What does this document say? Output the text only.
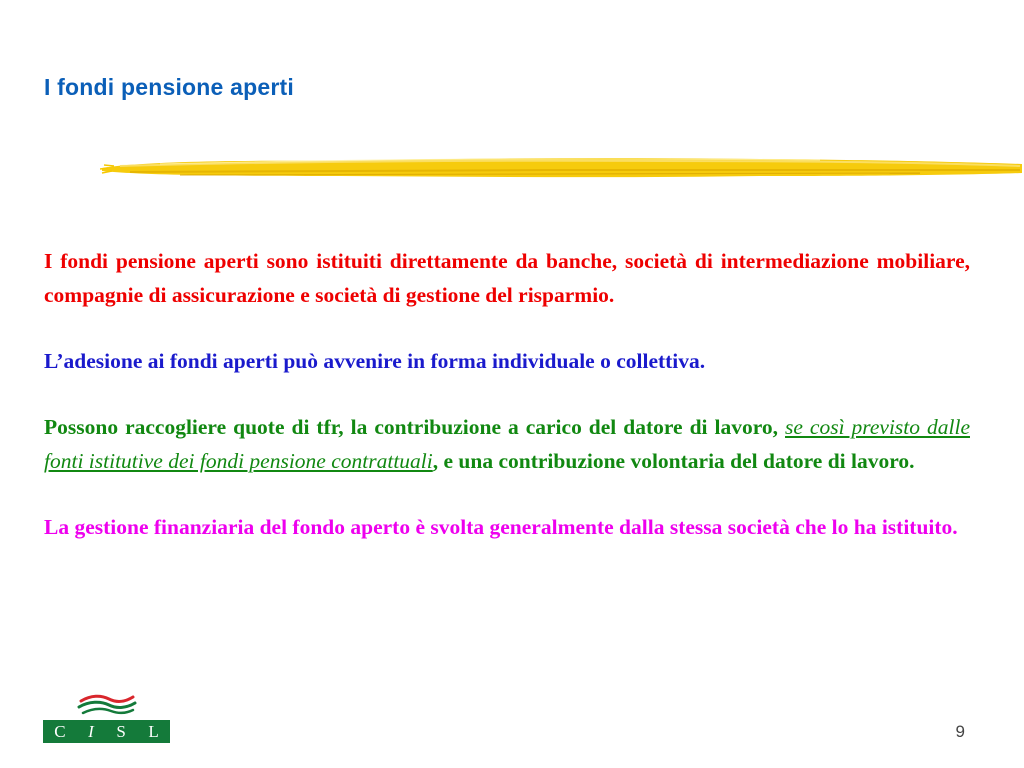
I fondi pensione aperti

I fondi pensione aperti sono istituiti direttamente da banche, società di intermediazione mobiliare, compagnie di assicurazione e società di gestione del risparmio.

L’adesione ai fondi aperti può avvenire in forma individuale o collettiva.

Possono raccogliere quote di tfr, la contribuzione a carico del datore di lavoro, se così previsto dalle fonti istitutive dei fondi pensione contrattuali, e una contribuzione volontaria del datore di lavoro.

La gestione finanziaria del fondo aperto è svolta generalmente dalla stessa società che lo ha istituito.

C I S L	9
